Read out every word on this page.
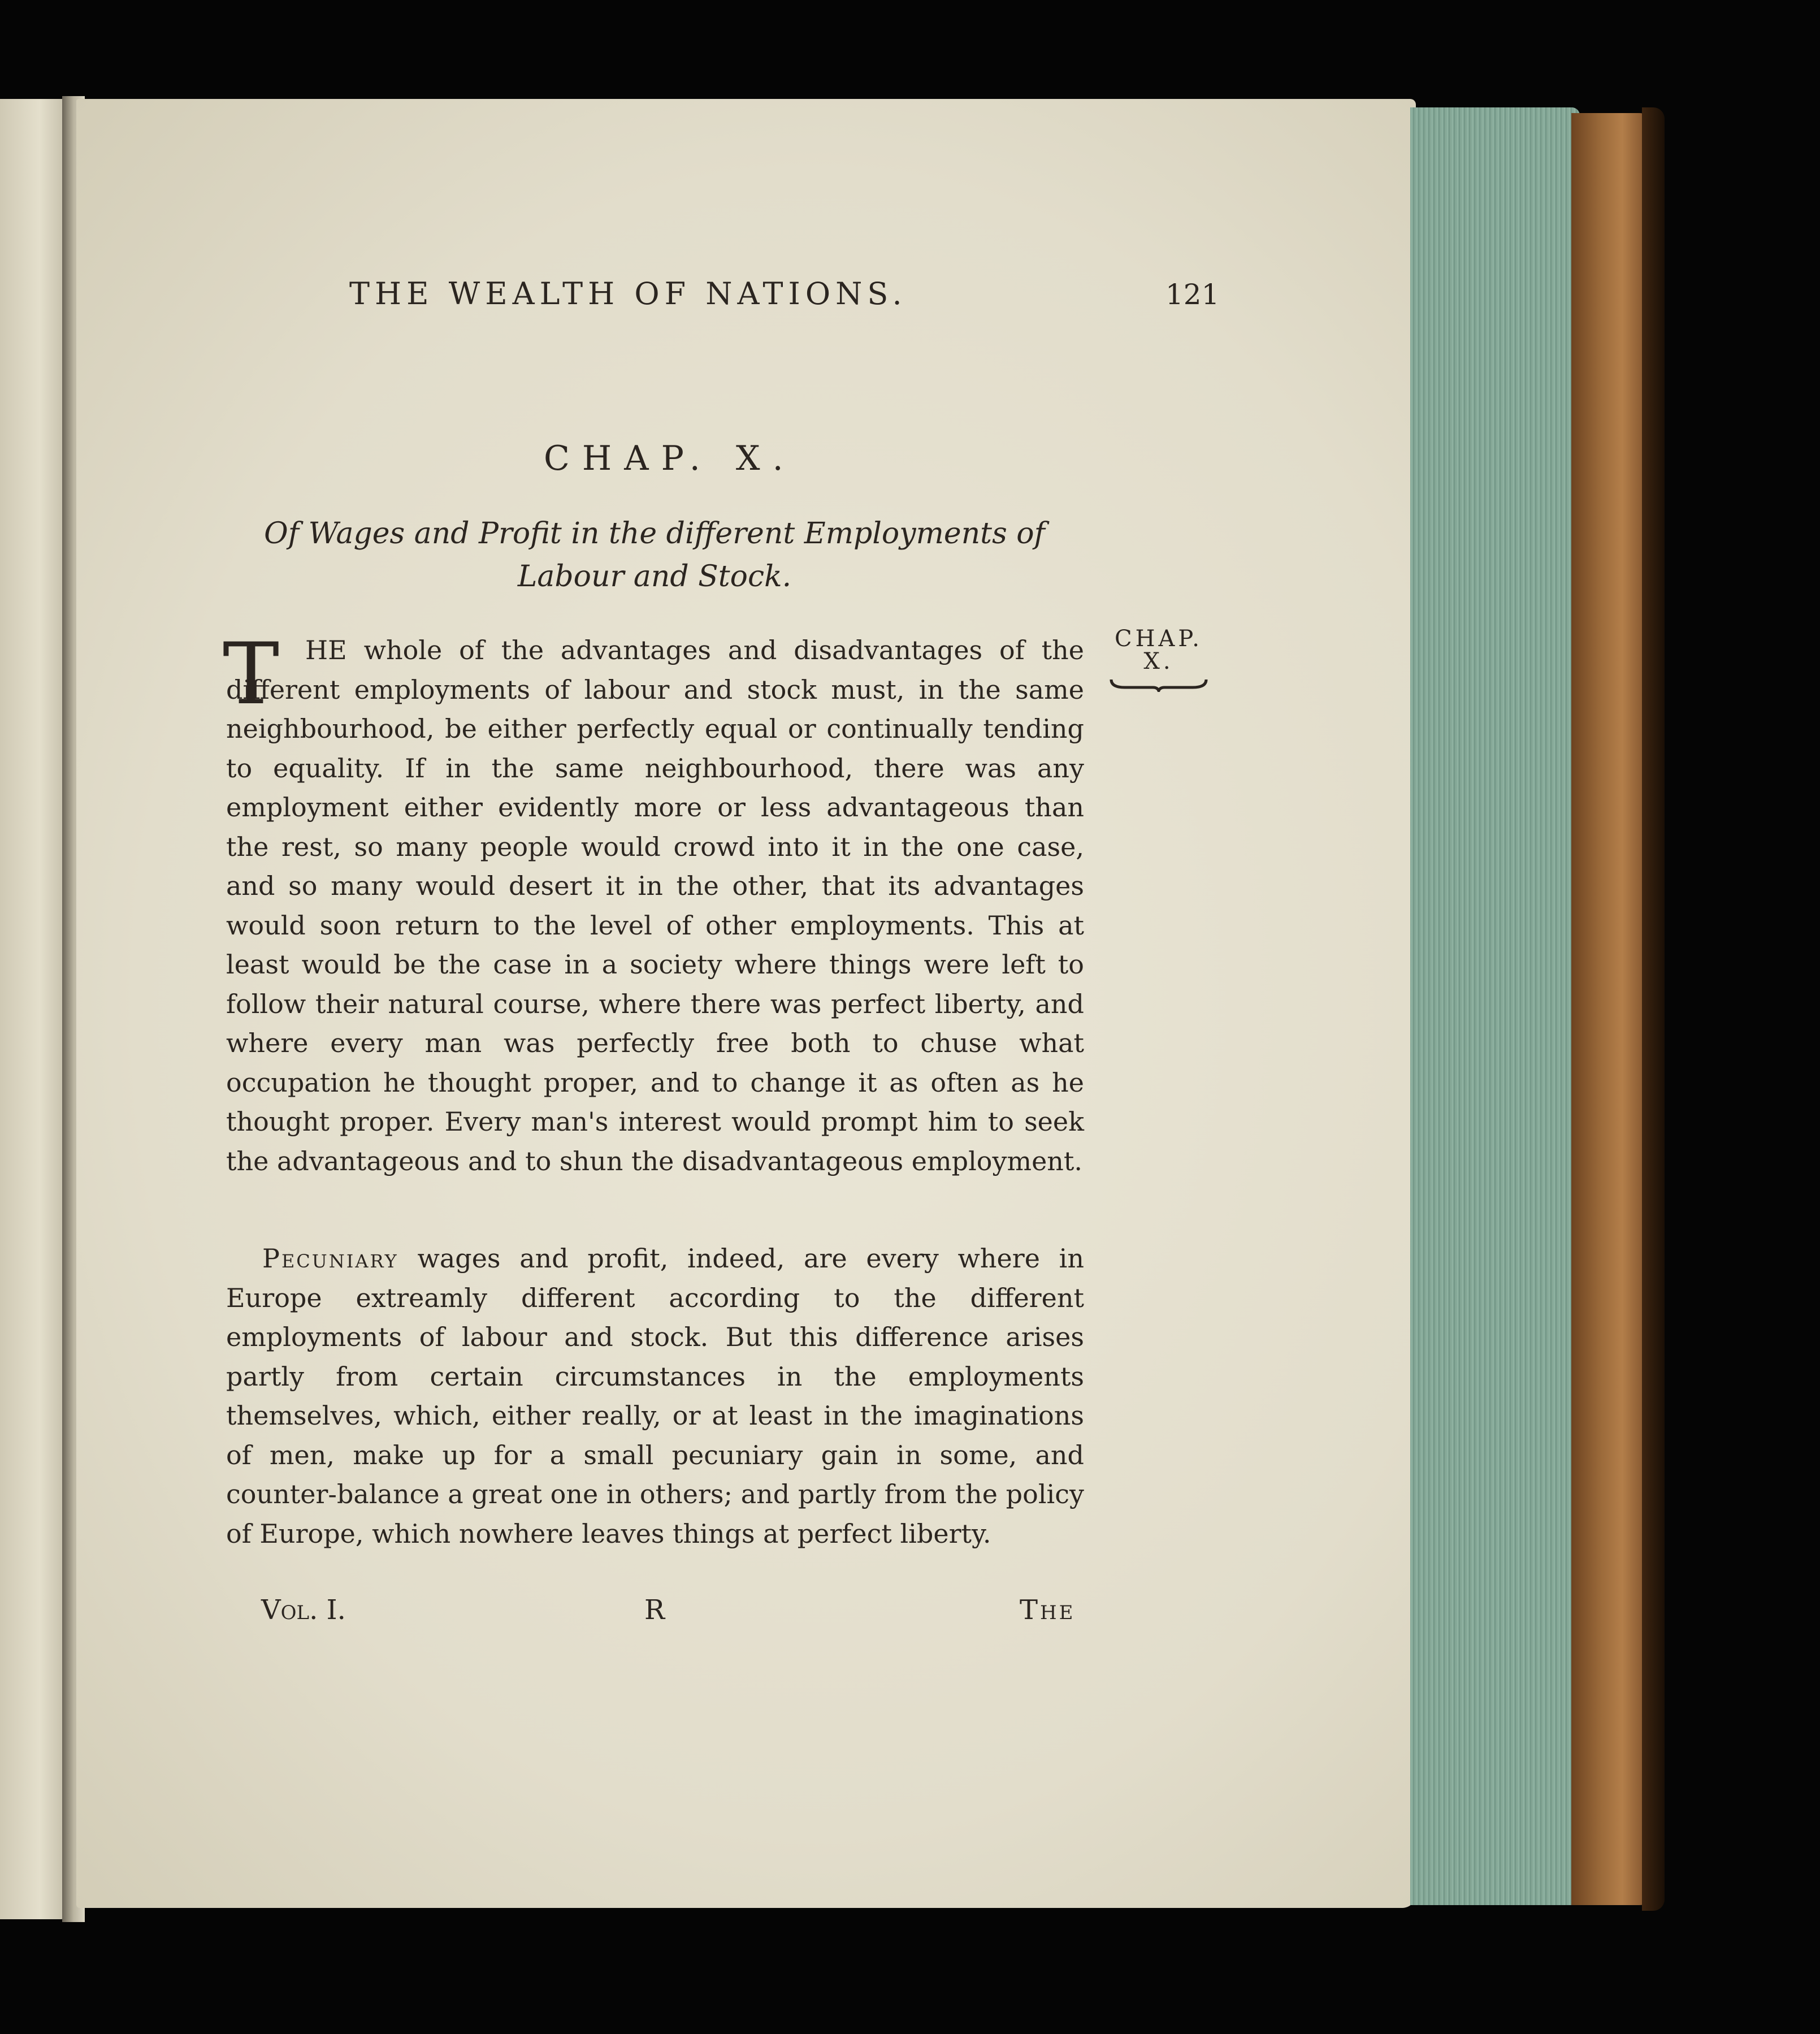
THE WEALTH OF NATIONS.	121
CHAP. X.
Of Wages and Profit in the different Employments of Labour and Stock.
CHAP.
X.
T HE whole of the advantages and disadvantages of the different employments of labour and stock must, in the same neighbourhood, be either perfectly equal or continually tending to equality. If in the same neighbourhood, there was any employment either evidently more or less advantageous than the rest, so many people would crowd into it in the one case, and so many would desert it in the other, that its advantages would soon return to the level of other employments. This at least would be the case in a society where things were left to follow their natural course, where there was perfect liberty, and where every man was perfectly free both to chuse what occupation he thought proper, and to change it as often as he thought proper. Every man's interest would prompt him to seek the advantageous and to shun the disadvantageous employment.
Pecuniary wages and profit, indeed, are every where in Europe extreamly different according to the different employments of labour and stock. But this difference arises partly from certain circumstances in the employments themselves, which, either really, or at least in the imaginations of men, make up for a small pecuniary gain in some, and counter-balance a great one in others; and partly from the policy of Europe, which nowhere leaves things at perfect liberty.
Vol. I.	R	The
